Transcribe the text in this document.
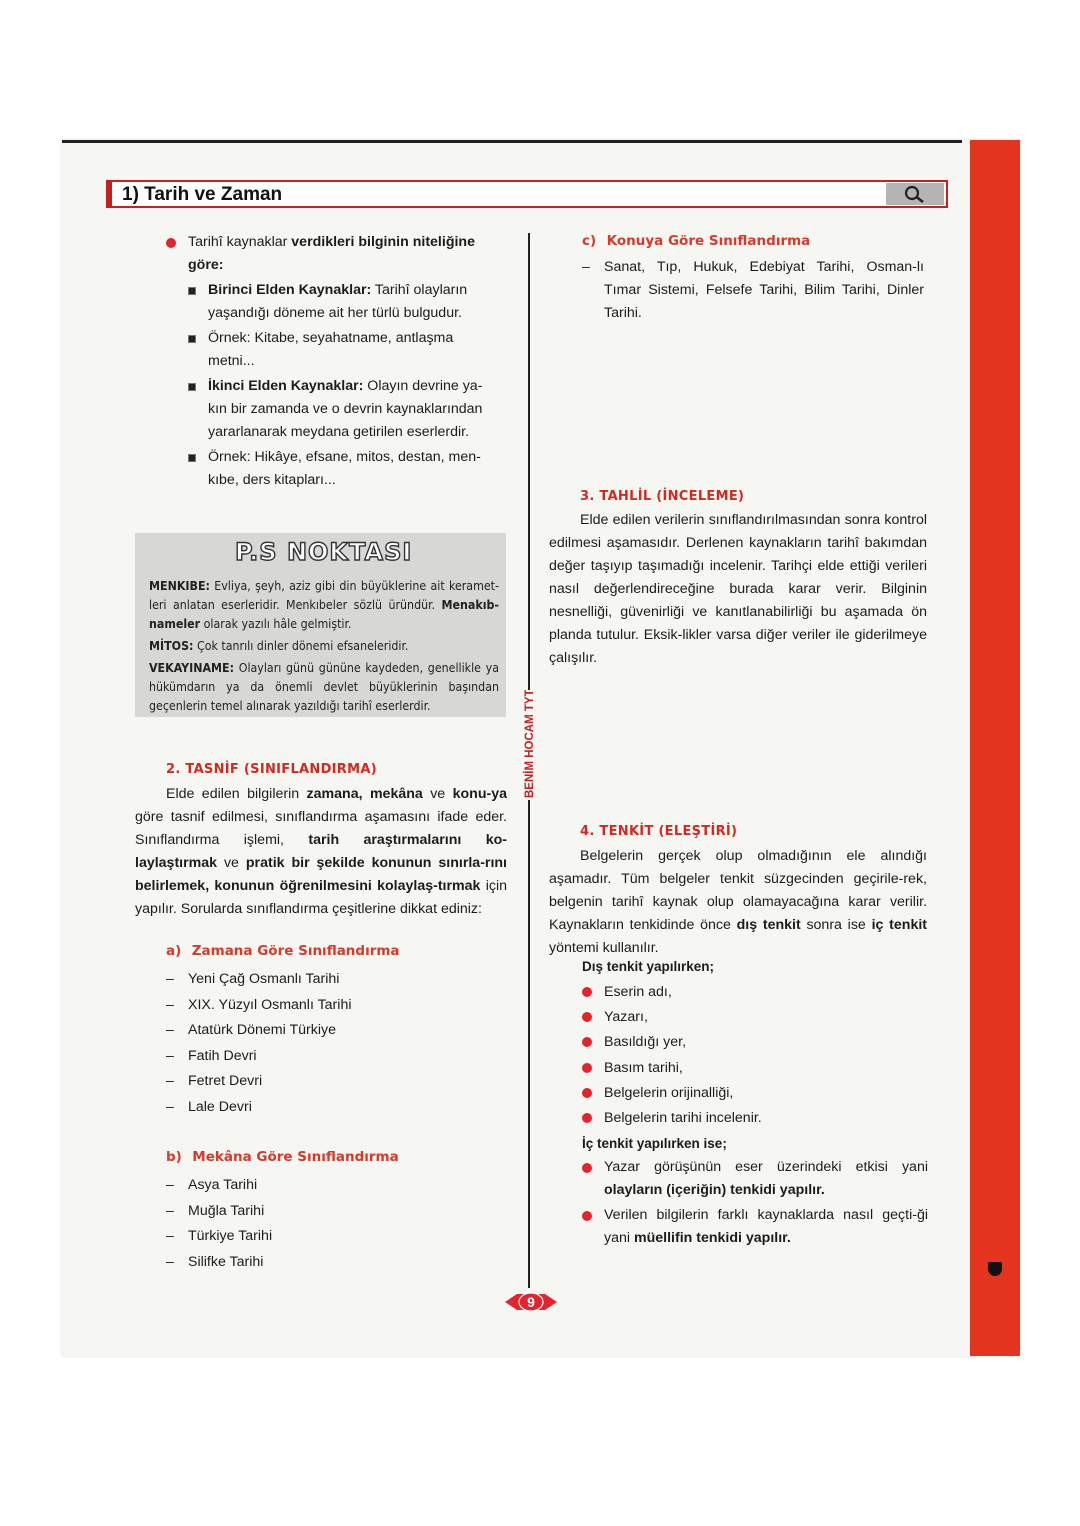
1) Tarih ve Zaman
Tarihî kaynaklar verdikleri bilginin niteliğine göre:
Birinci Elden Kaynaklar: Tarihî olayların
yaşandığı döneme ait her türlü bulgudur.
Örnek: Kitabe, seyahatname, antlaşma
metni...
İkinci Elden Kaynaklar: Olayın devrine ya-
kın bir zamanda ve o devrin kaynaklarından
yararlanarak meydana getirilen eserlerdir.
Örnek: Hikâye, efsane, mitos, destan, men-
kıbe, ders kitapları...
P.S NOKTASI
MENKIBE: Evliya, şeyh, aziz gibi din büyüklerine ait keramet-leri anlatan eserleridir. Menkıbeler sözlü üründür. Menakıb-nameler olarak yazılı hâle gelmiştir.
MİTOS: Çok tanrılı dinler dönemi efsaneleridir.
VEKAYINAME: Olayları günü gününe kaydeden, genellikle ya hükümdarın ya da önemli devlet büyüklerinin başından geçenlerin temel alınarak yazıldığı tarihî eserlerdir.
2. TASNİF (SINIFLANDIRMA)
Elde edilen bilgilerin zamana, mekâna ve konu-ya göre tasnif edilmesi, sınıflandırma aşamasını ifade eder. Sınıflandırma işlemi, tarih araştırmalarını ko-laylaştırmak ve pratik bir şekilde konunun sınırla-rını belirlemek, konunun öğrenilmesini kolaylaş-tırmak için yapılır. Sorularda sınıflandırma çeşitlerine dikkat ediniz:
a) Zamana Göre Sınıflandırma
– Yeni Çağ Osmanlı Tarihi
– XIX. Yüzyıl Osmanlı Tarihi
– Atatürk Dönemi Türkiye
– Fatih Devri
– Fetret Devri
– Lale Devri
b) Mekâna Göre Sınıflandırma
– Asya Tarihi
– Muğla Tarihi
– Türkiye Tarihi
– Silifke Tarihi
BENİM HOCAM TYT
c) Konuya Göre Sınıflandırma
– Sanat, Tıp, Hukuk, Edebiyat Tarihi, Osman-lı Tımar Sistemi, Felsefe Tarihi, Bilim Tarihi, Dinler Tarihi.
3. TAHLİL (İNCELEME)
Elde edilen verilerin sınıflandırılmasından sonra kontrol edilmesi aşamasıdır. Derlenen kaynakların tarihî bakımdan değer taşıyıp taşımadığı incelenir. Tarihçi elde ettiği verileri nasıl değerlendireceğine burada karar verir. Bilginin nesnelliği, güvenirliği ve kanıtlanabilirliği bu aşamada ön planda tutulur. Eksik-likler varsa diğer veriler ile giderilmeye çalışılır.
4. TENKİT (ELEŞTİRİ)
Belgelerin gerçek olup olmadığının ele alındığı aşamadır. Tüm belgeler tenkit süzgecinden geçirile-rek, belgenin tarihî kaynak olup olamayacağına karar verilir. Kaynakların tenkidinde önce dış tenkit sonra ise iç tenkit yöntemi kullanılır.
Dış tenkit yapılırken;
Eserin adı,
Yazarı,
Basıldığı yer,
Basım tarihi,
Belgelerin orijinalliği,
Belgelerin tarihi incelenir.
İç tenkit yapılırken ise;
Yazar görüşünün eser üzerindeki etkisi yani olayların (içeriğin) tenkidi yapılır.
Verilen bilgilerin farklı kaynaklarda nasıl geçti-ği yani müellifin tenkidi yapılır.
9
